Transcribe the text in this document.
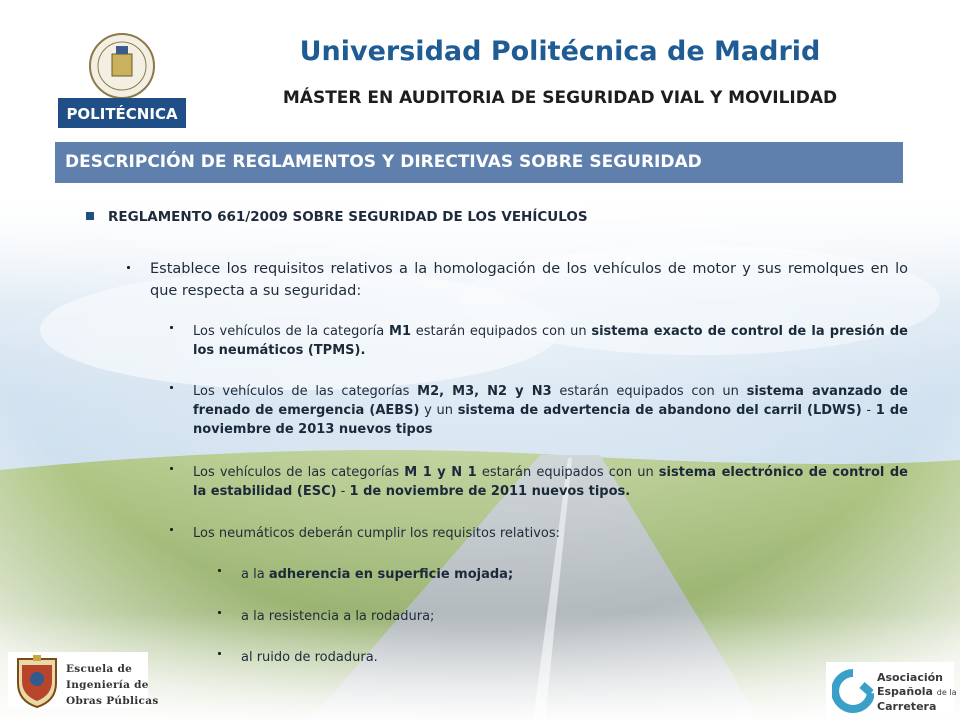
POLITÉCNICA
Universidad Politécnica de Madrid
MÁSTER EN AUDITORIA DE SEGURIDAD VIAL Y MOVILIDAD
DESCRIPCIÓN DE REGLAMENTOS Y DIRECTIVAS SOBRE SEGURIDAD
REGLAMENTO 661/2009 SOBRE SEGURIDAD DE LOS VEHÍCULOS
Establece los requisitos relativos a la homologación de los vehículos de motor y sus remolques en lo que respecta a su seguridad:
Los vehículos de la categoría M1 estarán equipados con un sistema exacto de control de la presión de los neumáticos (TPMS).
Los vehículos de las categorías M2, M3, N2 y N3 estarán equipados con un sistema avanzado de frenado de emergencia (AEBS) y un sistema de advertencia de abandono del carril (LDWS) - 1 de noviembre de 2013 nuevos tipos
Los vehículos de las categorías M 1 y N 1 estarán equipados con un sistema electrónico de control de la estabilidad (ESC) - 1 de noviembre de 2011 nuevos tipos.
Los neumáticos deberán cumplir los requisitos relativos:
a la adherencia en superficie mojada;
a la resistencia a la rodadura;
al ruido de rodadura.
Escuela de
Ingeniería de
Obras Públicas
Asociación
Española de la
Carretera
